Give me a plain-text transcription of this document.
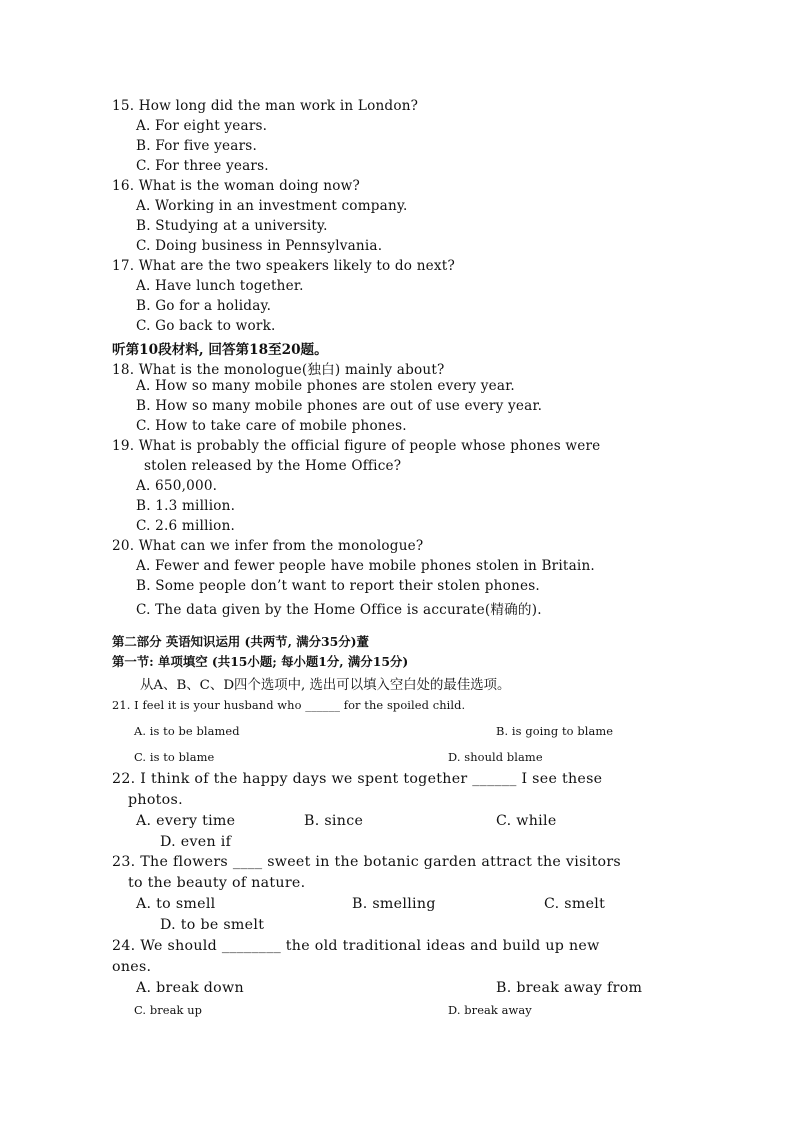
15. How long did the man work in London?
A. For eight years.
B. For five years.
C. For three years.
16. What is the woman doing now?
A. Working in an investment company.
B. Studying at a university.
C. Doing business in Pennsylvania.
17. What are the two speakers likely to do next?
A. Have lunch together.
B. Go for a holiday.
C. Go back to work.
听第10段材料, 回答第18至20题。
18. What is the monologue(独白) mainly about?
A. How so many mobile phones are stolen every year.
B. How so many mobile phones are out of use every year.
C. How to take care of mobile phones.
19. What is probably the official figure of people whose phones were
stolen released by the Home Office?
A. 650,000.
B. 1.3 million.
C. 2.6 million.
20. What can we infer from the monologue?
A. Fewer and fewer people have mobile phones stolen in Britain.
B. Some people don’t want to report their stolen phones.
C. The data given by the Home Office is accurate(精确的).
第二部分 英语知识运用 (共两节, 满分35分)蕫
第一节: 单项填空 (共15小题; 每小题1分, 满分15分)
从A、B、C、D四个选项中, 选出可以填入空白处的最佳选项。
21. I feel it is your husband who ______ for the spoiled child.
A. is to be blamed	B. is going to blame
C. is to blame	D. should blame
22. I think of the happy days we spent together ______ I see these
photos.
A. every time	B. since	C. while
D. even if
23. The flowers ____ sweet in the botanic garden attract the visitors
to the beauty of nature.
A. to smell	B. smelling	C. smelt
D. to be smelt
24. We should ________ the old traditional ideas and build up new
ones.
A. break down	B. break away from
C. break up	D. break away
